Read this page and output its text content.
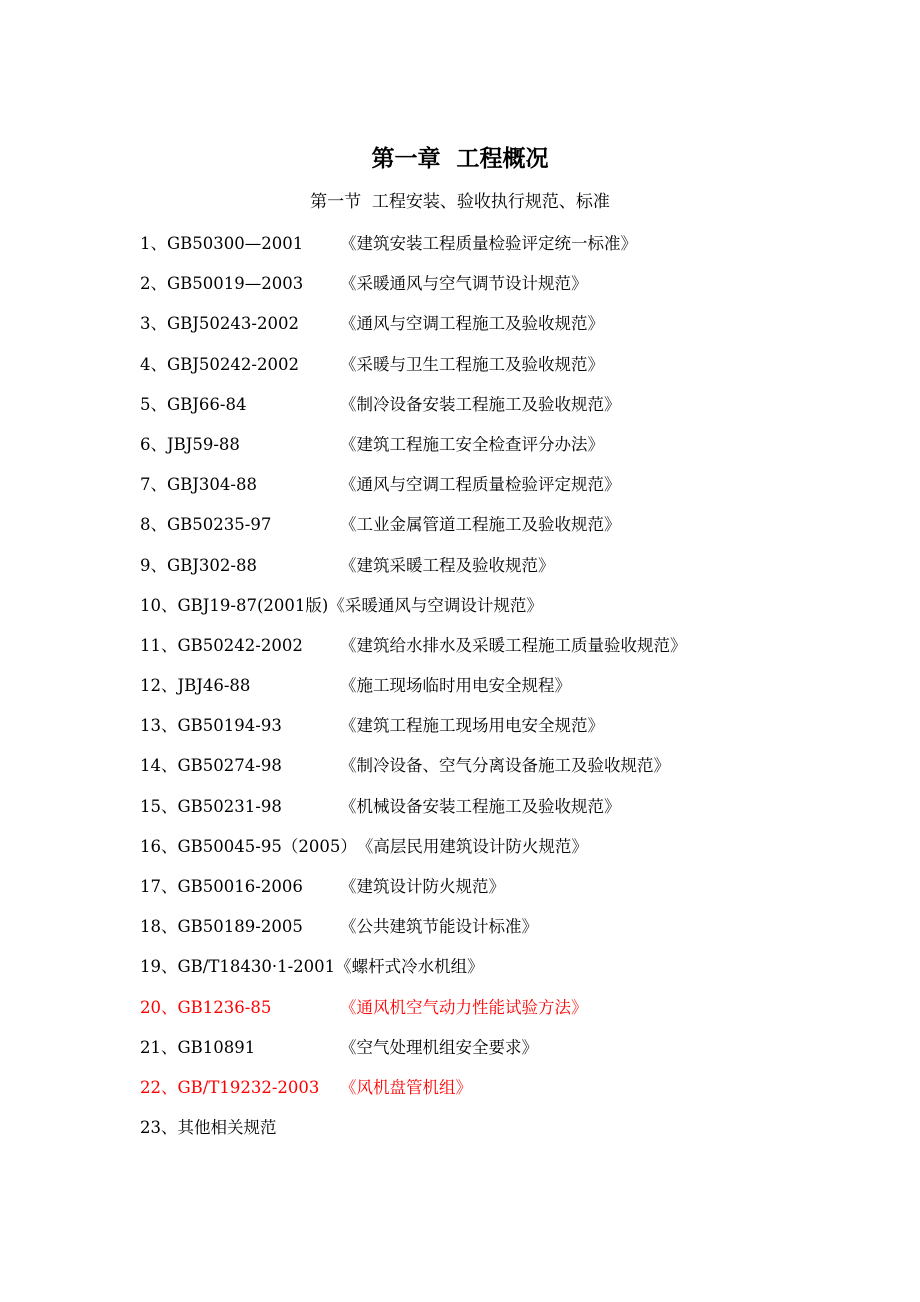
第一章  工程概况
第一节  工程安装、验收执行规范、标准
1、GB50300—2001 《建筑安装工程质量检验评定统一标准》
2、GB50019—2003 《采暖通风与空气调节设计规范》
3、GBJ50243-2002 《通风与空调工程施工及验收规范》
4、GBJ50242-2002 《采暖与卫生工程施工及验收规范》
5、GBJ66-84	《制冷设备安装工程施工及验收规范》
6、JBJ59-88	《建筑工程施工安全检查评分办法》
7、GBJ304-88	《通风与空调工程质量检验评定规范》
8、GB50235-97	《工业金属管道工程施工及验收规范》
9、GBJ302-88	《建筑采暖工程及验收规范》
10、GBJ19-87(2001版)《采暖通风与空调设计规范》
11、GB50242-2002 《建筑给水排水及采暖工程施工质量验收规范》
12、JBJ46-88	《施工现场临时用电安全规程》
13、GB50194-93	《建筑工程施工现场用电安全规范》
14、GB50274-98	《制冷设备、空气分离设备施工及验收规范》
15、GB50231-98	《机械设备安装工程施工及验收规范》
16、GB50045-95（2005）《高层民用建筑设计防火规范》
17、GB50016-2006 《建筑设计防火规范》
18、GB50189-2005 《公共建筑节能设计标准》
19、GB/T18430·1-2001《螺杆式冷水机组》
20、GB1236-85	《通风机空气动力性能试验方法》
21、GB10891	《空气处理机组安全要求》
22、GB/T19232-2003 《风机盘管机组》
23、其他相关规范
